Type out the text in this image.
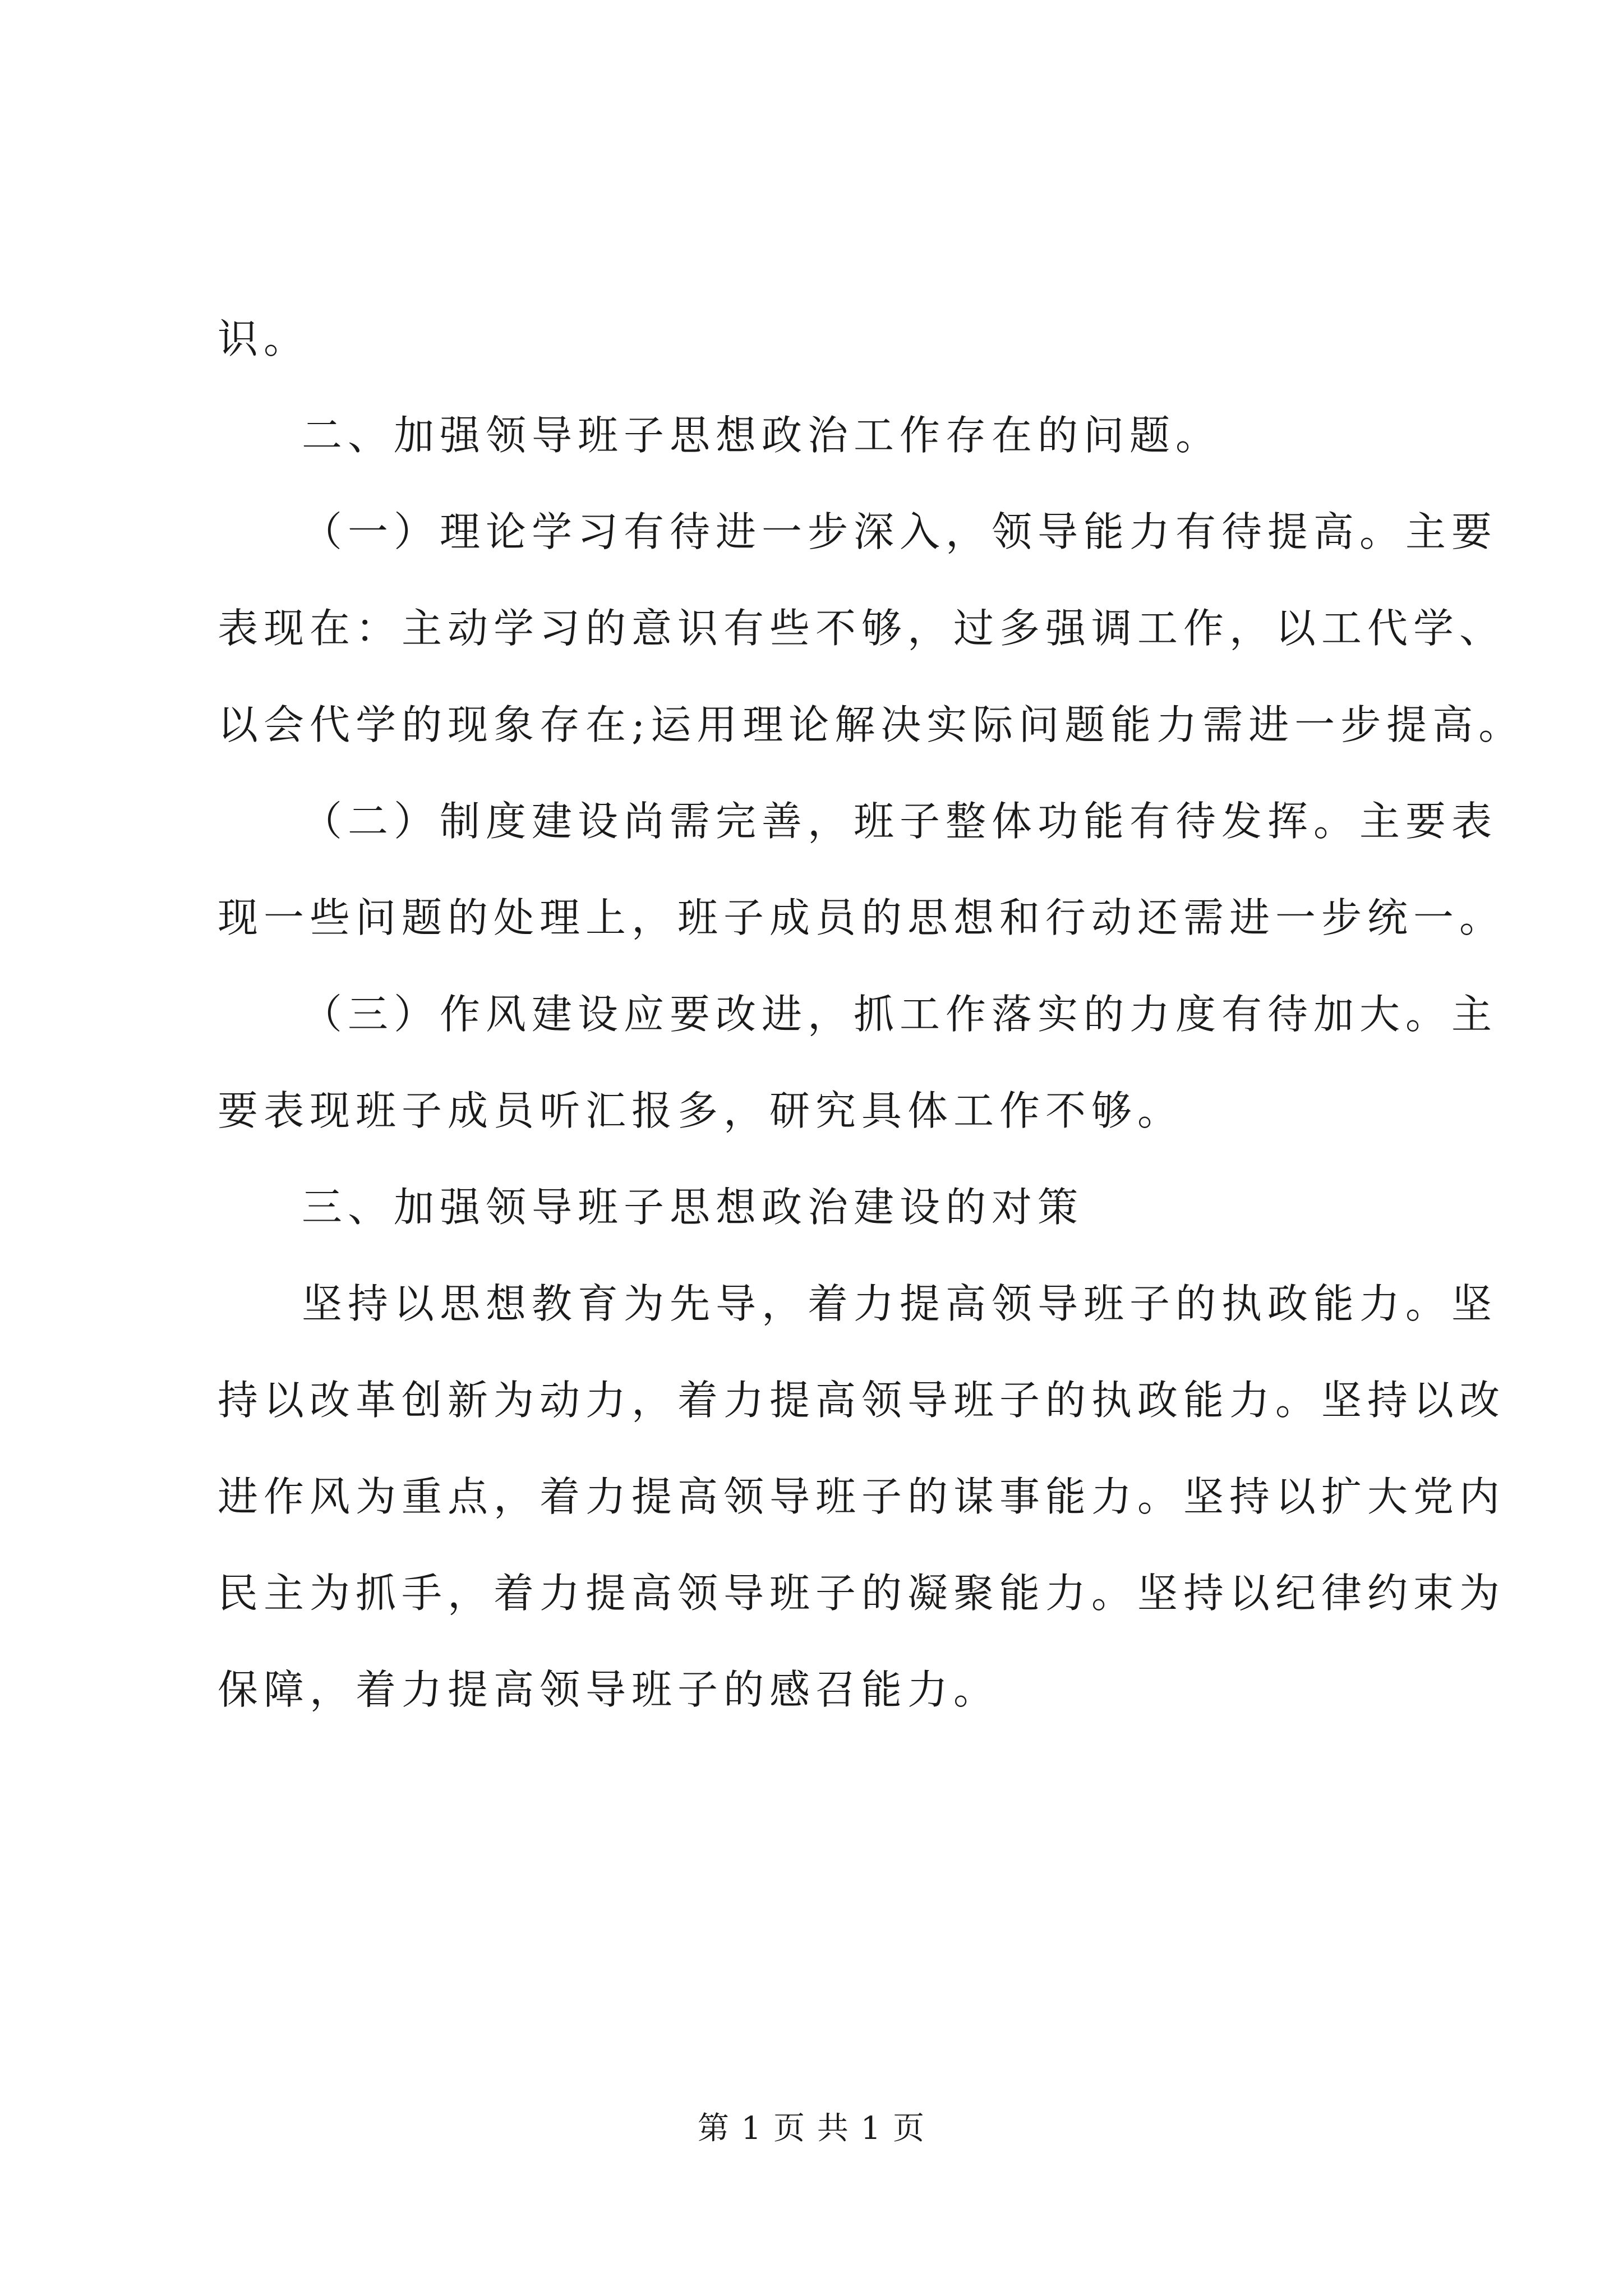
识。
二、加强领导班子思想政治工作存在的问题。
（一）理论学习有待进一步深入，领导能力有待提高。主要
表现在：主动学习的意识有些不够，过多强调工作，以工代学、
以会代学的现象存在;运用理论解决实际问题能力需进一步提高。
（二）制度建设尚需完善，班子整体功能有待发挥。主要表
现一些问题的处理上，班子成员的思想和行动还需进一步统一。
（三）作风建设应要改进，抓工作落实的力度有待加大。主
要表现班子成员听汇报多，研究具体工作不够。
三、加强领导班子思想政治建设的对策
坚持以思想教育为先导，着力提高领导班子的执政能力。坚
持以改革创新为动力，着力提高领导班子的执政能力。坚持以改
进作风为重点，着力提高领导班子的谋事能力。坚持以扩大党内
民主为抓手，着力提高领导班子的凝聚能力。坚持以纪律约束为
保障，着力提高领导班子的感召能力。
第 1 页 共 1 页
